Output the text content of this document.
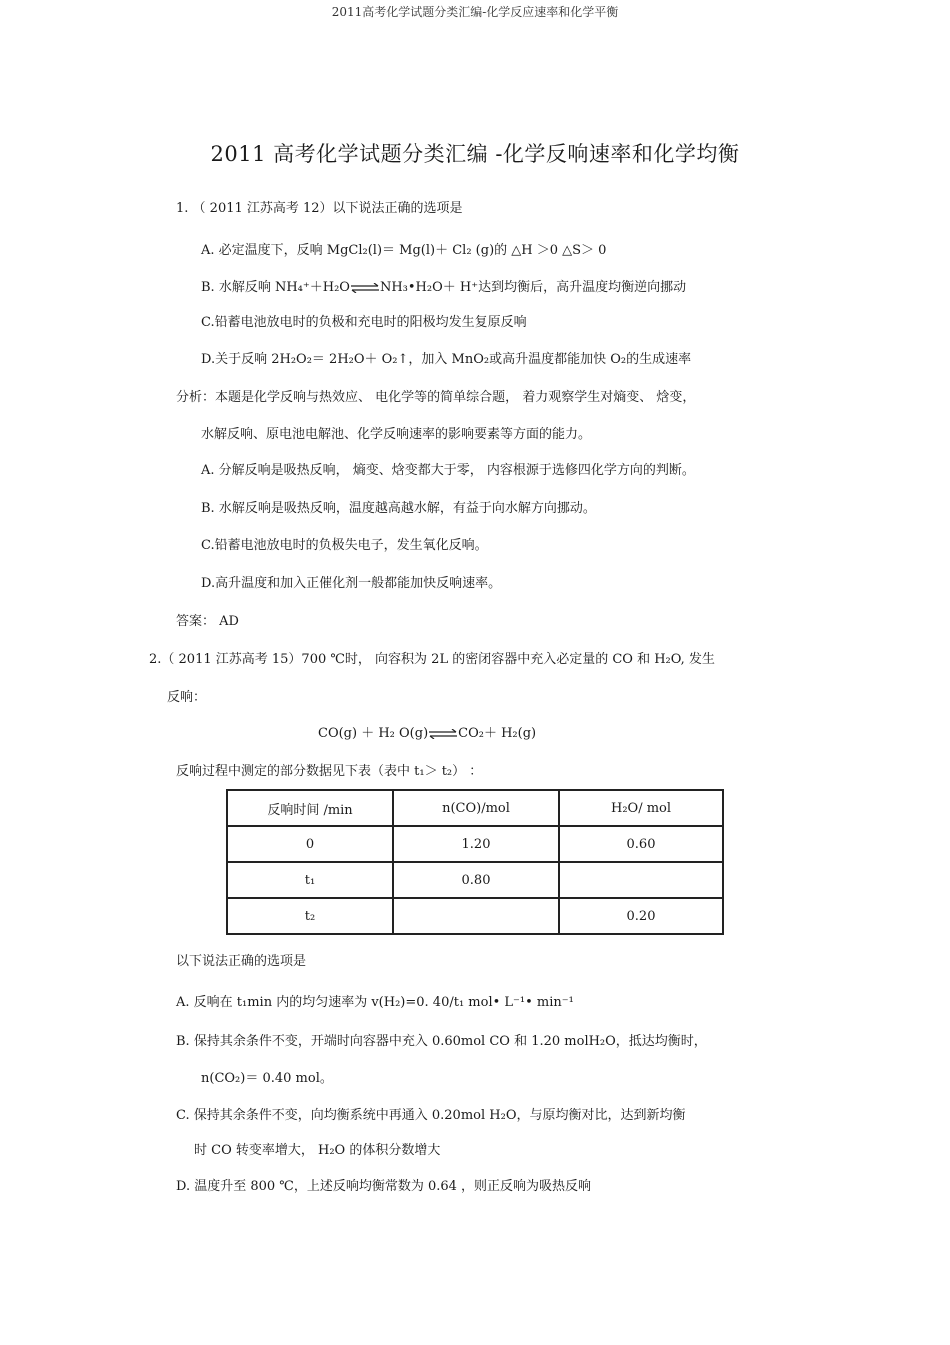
2011高考化学试题分类汇编-化学反应速率和化学平衡
2011 高考化学试题分类汇编 -化学反响速率和化学均衡
1. （ 2011 江苏高考 12）以下说法正确的选项是
A. 必定温度下，反响 MgCl₂(l)＝ Mg(l)＋ Cl₂ (g)的 △H ＞0 △S＞ 0
B. 水解反响 NH₄⁺＋H₂O⇌NH₃•H₂O＋ H⁺达到均衡后，高升温度均衡逆向挪动
C.铅蓄电池放电时的负极和充电时的阳极均发生复原反响
D.关于反响 2H₂O₂＝ 2H₂O＋ O₂↑，加入 MnO₂或高升温度都能加快 O₂的生成速率
分析：本题是化学反响与热效应、 电化学等的简单综合题， 着力观察学生对熵变、 焓变，
水解反响、原电池电解池、化学反响速率的影响要素等方面的能力。
A. 分解反响是吸热反响， 熵变、焓变都大于零， 内容根源于选修四化学方向的判断。
B. 水解反响是吸热反响，温度越高越水解，有益于向水解方向挪动。
C.铅蓄电池放电时的负极失电子，发生氧化反响。
D.高升温度和加入正催化剂一般都能加快反响速率。
答案： AD
2.（ 2011 江苏高考 15）700 ℃时， 向容积为 2L 的密闭容器中充入必定量的 CO 和 H₂O, 发生
反响：
CO(g) ＋ H₂ O(g)⇌CO₂＋ H₂(g)
反响过程中测定的部分数据见下表（表中 t₁＞ t₂） ：
反响时间 /min	n(CO)/mol	H₂O/ mol
0	1.20	0.60
t₁	0.80	
t₂		0.20
以下说法正确的选项是
A. 反响在 t₁min 内的均匀速率为 v(H₂)=0. 40/t₁ mol• L⁻¹• min⁻¹
B. 保持其余条件不变，开端时向容器中充入 0.60mol CO 和 1.20 molH₂O，抵达均衡时，
n(CO₂)＝ 0.40 mol。
C. 保持其余条件不变，向均衡系统中再通入 0.20mol H₂O，与原均衡对比，达到新均衡
时 CO 转变率增大， H₂O 的体积分数增大
D. 温度升至 800 ℃，上述反响均衡常数为 0.64 ，则正反响为吸热反响
